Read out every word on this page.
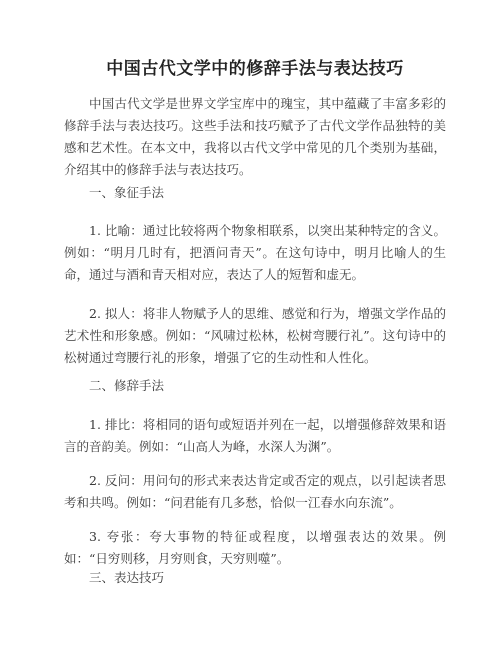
中国古代文学中的修辞手法与表达技巧

中国古代文学是世界文学宝库中的瑰宝，其中蕴藏了丰富多彩的修辞手法与表达技巧。这些手法和技巧赋予了古代文学作品独特的美感和艺术性。在本文中，我将以古代文学中常见的几个类别为基础，介绍其中的修辞手法与表达技巧。

一、象征手法

1. 比喻：通过比较将两个物象相联系，以突出某种特定的含义。例如：“明月几时有，把酒问青天”。在这句诗中，明月比喻人的生命，通过与酒和青天相对应，表达了人的短暂和虚无。

2. 拟人：将非人物赋予人的思维、感觉和行为，增强文学作品的艺术性和形象感。例如：“风啸过松林，松树弯腰行礼”。这句诗中的松树通过弯腰行礼的形象，增强了它的生动性和人性化。

二、修辞手法

1. 排比：将相同的语句或短语并列在一起，以增强修辞效果和语言的音韵美。例如：“山高人为峰，水深人为渊”。

2. 反问：用问句的形式来表达肯定或否定的观点，以引起读者思考和共鸣。例如：“问君能有几多愁，恰似一江春水向东流”。

3. 夸张：夸大事物的特征或程度，以增强表达的效果。例如：“日穷则移，月穷则食，天穷则噬”。

三、表达技巧
